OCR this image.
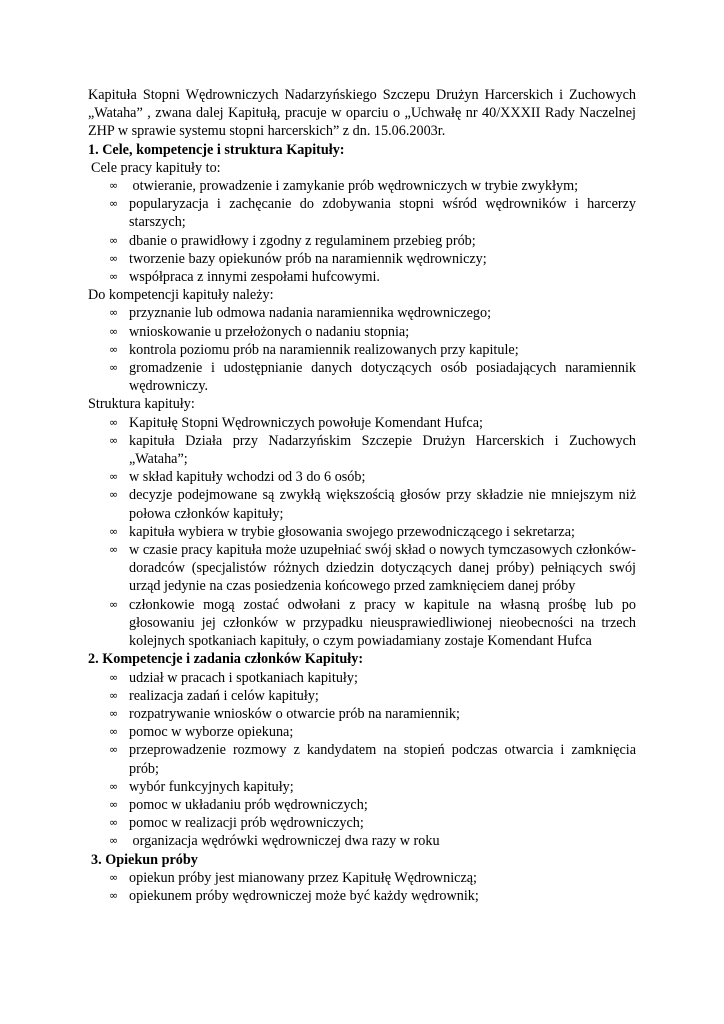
Kapituła Stopni Wędrowniczych Nadarzyńskiego Szczepu Drużyn Harcerskich i Zuchowych „Wataha” , zwana dalej Kapitułą, pracuje w oparciu o „Uchwałę nr 40/XXXII Rady Naczelnej ZHP w sprawie systemu stopni harcerskich” z dn. 15.06.2003r.
1. Cele, kompetencje i struktura Kapituły:
Cele pracy kapituły to:
∞ otwieranie, prowadzenie i zamykanie prób wędrowniczych w trybie zwykłym;
∞ popularyzacja i zachęcanie do zdobywania stopni wśród wędrowników i harcerzy starszych;
∞ dbanie o prawidłowy i zgodny z regulaminem przebieg prób;
∞ tworzenie bazy opiekunów prób na naramiennik wędrowniczy;
∞ współpraca z innymi zespołami hufcowymi.
Do kompetencji kapituły należy:
∞ przyznanie lub odmowa nadania naramiennika wędrowniczego;
∞ wnioskowanie u przełożonych o nadaniu stopnia;
∞ kontrola poziomu prób na naramiennik realizowanych przy kapitule;
∞ gromadzenie i udostępnianie danych dotyczących osób posiadających naramiennik wędrowniczy.
Struktura kapituły:
∞ Kapitułę Stopni Wędrowniczych powołuje Komendant Hufca;
∞ kapituła Działa przy Nadarzyńskim Szczepie Drużyn Harcerskich i Zuchowych „Wataha”;
∞ w skład kapituły wchodzi od 3 do 6 osób;
∞ decyzje podejmowane są zwykłą większością głosów przy składzie nie mniejszym niż połowa członków kapituły;
∞ kapituła wybiera w trybie głosowania swojego przewodniczącego i sekretarza;
∞ w czasie pracy kapituła może uzupełniać swój skład o nowych tymczasowych członków-doradców (specjalistów różnych dziedzin dotyczących danej próby) pełniących swój urząd jedynie na czas posiedzenia końcowego przed zamknięciem danej próby
∞ członkowie mogą zostać odwołani z pracy w kapitule na własną prośbę lub po głosowaniu jej członków w przypadku nieusprawiedliwionej nieobecności na trzech kolejnych spotkaniach kapituły, o czym powiadamiany zostaje Komendant Hufca
2. Kompetencje i zadania członków Kapituły:
∞ udział w pracach i spotkaniach kapituły;
∞ realizacja zadań i celów kapituły;
∞ rozpatrywanie wniosków o otwarcie prób na naramiennik;
∞ pomoc w wyborze opiekuna;
∞ przeprowadzenie rozmowy z kandydatem na stopień podczas otwarcia i zamknięcia prób;
∞ wybór funkcyjnych kapituły;
∞ pomoc w układaniu prób wędrowniczych;
∞ pomoc w realizacji prób wędrowniczych;
∞ organizacja wędrówki wędrowniczej dwa razy w roku
3. Opiekun próby
∞ opiekun próby jest mianowany przez Kapitułę Wędrowniczą;
∞ opiekunem próby wędrowniczej może być każdy wędrownik;
